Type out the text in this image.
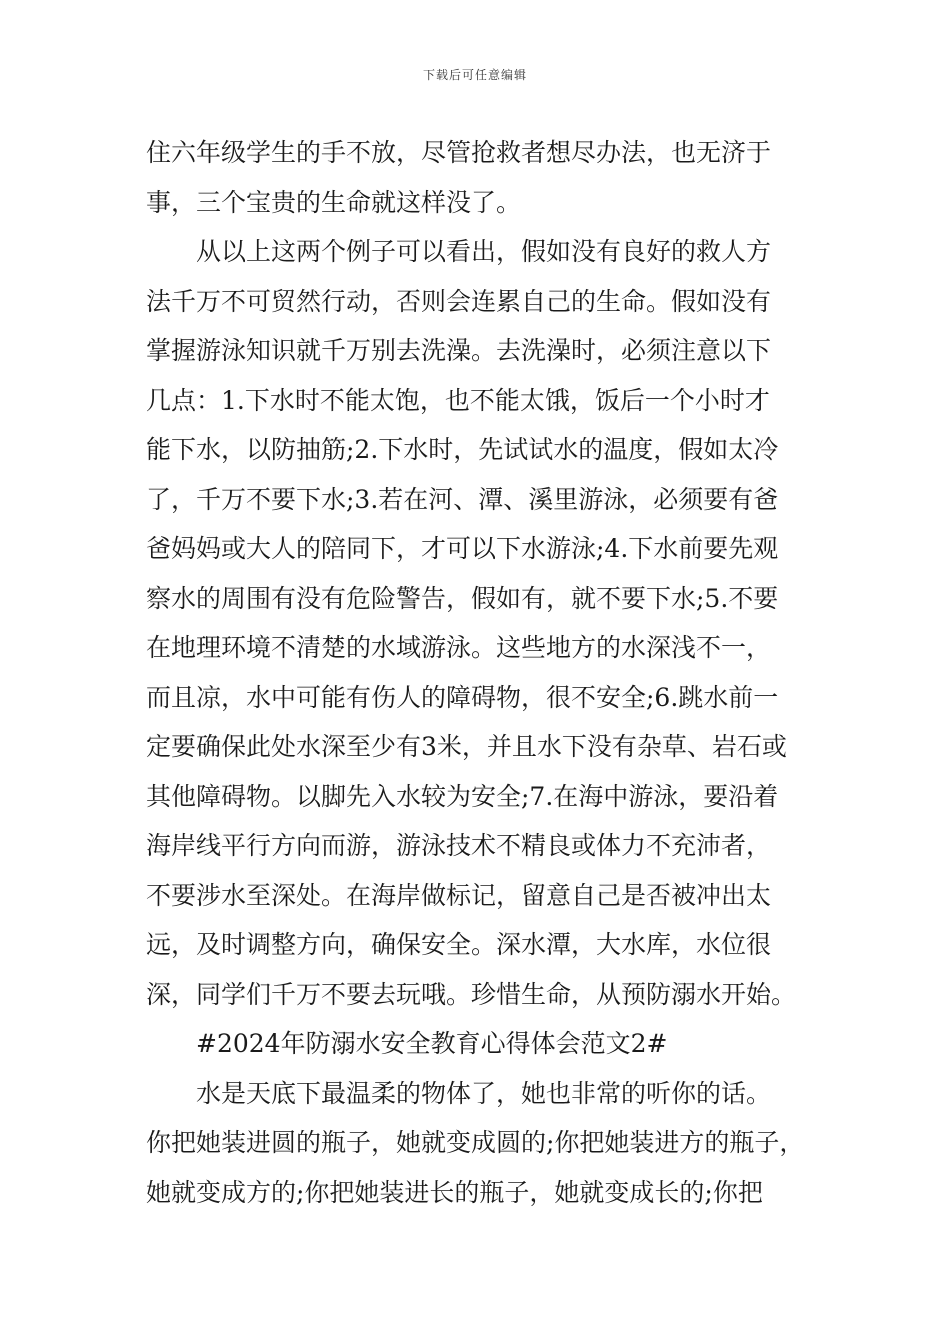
下载后可任意编辑
住六年级学生的手不放，尽管抢救者想尽办法，也无济于
事，三个宝贵的生命就这样没了。
从以上这两个例子可以看出，假如没有良好的救人方
法千万不可贸然行动，否则会连累自己的生命。假如没有
掌握游泳知识就千万别去洗澡。去洗澡时，必须注意以下
几点：1.下水时不能太饱，也不能太饿，饭后一个小时才
能下水，以防抽筋;2.下水时，先试试水的温度，假如太冷
了，千万不要下水;3.若在河、潭、溪里游泳，必须要有爸
爸妈妈或大人的陪同下，才可以下水游泳;4.下水前要先观
察水的周围有没有危险警告，假如有，就不要下水;5.不要
在地理环境不清楚的水域游泳。这些地方的水深浅不一，
而且凉，水中可能有伤人的障碍物，很不安全;6.跳水前一
定要确保此处水深至少有3米，并且水下没有杂草、岩石或
其他障碍物。以脚先入水较为安全;7.在海中游泳，要沿着
海岸线平行方向而游，游泳技术不精良或体力不充沛者，
不要涉水至深处。在海岸做标记，留意自己是否被冲出太
远，及时调整方向，确保安全。深水潭，大水库，水位很
深，同学们千万不要去玩哦。珍惜生命，从预防溺水开始。
#2024年防溺水安全教育心得体会范文2#
水是天底下最温柔的物体了，她也非常的听你的话。
你把她装进圆的瓶子，她就变成圆的;你把她装进方的瓶子，
她就变成方的;你把她装进长的瓶子，她就变成长的;你把
